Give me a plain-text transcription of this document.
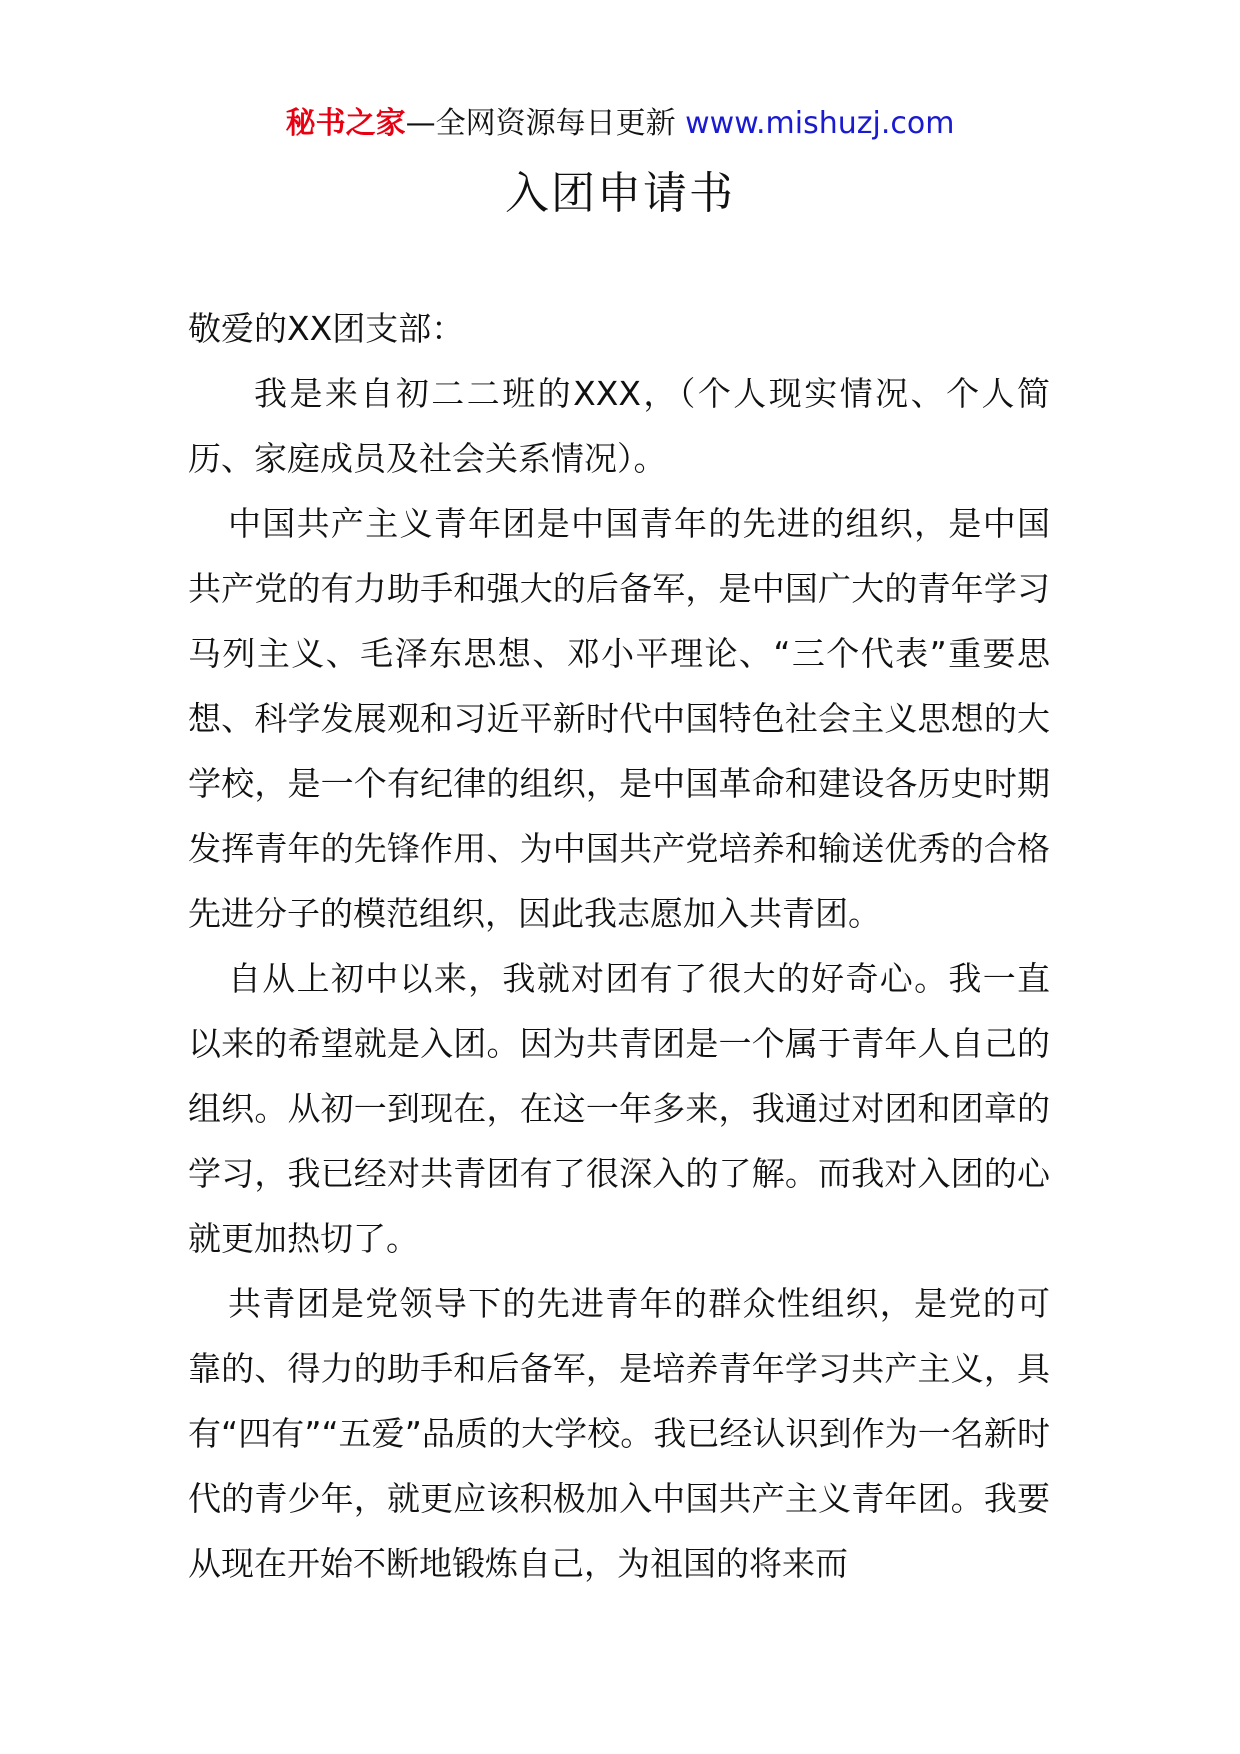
秘书之家—全网资源每日更新 www.mishuzj.com
入团申请书

敬爱的XX团支部：

我是来自初二二班的XXX，（个人现实情况、个人简历、家庭成员及社会关系情况）。

中国共产主义青年团是中国青年的先进的组织，是中国共产党的有力助手和强大的后备军，是中国广大的青年学习马列主义、毛泽东思想、邓小平理论、“三个代表”重要思想、科学发展观和习近平新时代中国特色社会主义思想的大学校，是一个有纪律的组织，是中国革命和建设各历史时期发挥青年的先锋作用、为中国共产党培养和输送优秀的合格先进分子的模范组织，因此我志愿加入共青团。

自从上初中以来，我就对团有了很大的好奇心。我一直以来的希望就是入团。因为共青团是一个属于青年人自己的组织。从初一到现在，在这一年多来，我通过对团和团章的学习，我已经对共青团有了很深入的了解。而我对入团的心就更加热切了。

共青团是党领导下的先进青年的群众性组织，是党的可靠的、得力的助手和后备军，是培养青年学习共产主义，具有“四有”“五爱”品质的大学校。我已经认识到作为一名新时代的青少年，就更应该积极加入中国共产主义青年团。我要从现在开始不断地锻炼自己，为祖国的将来而
